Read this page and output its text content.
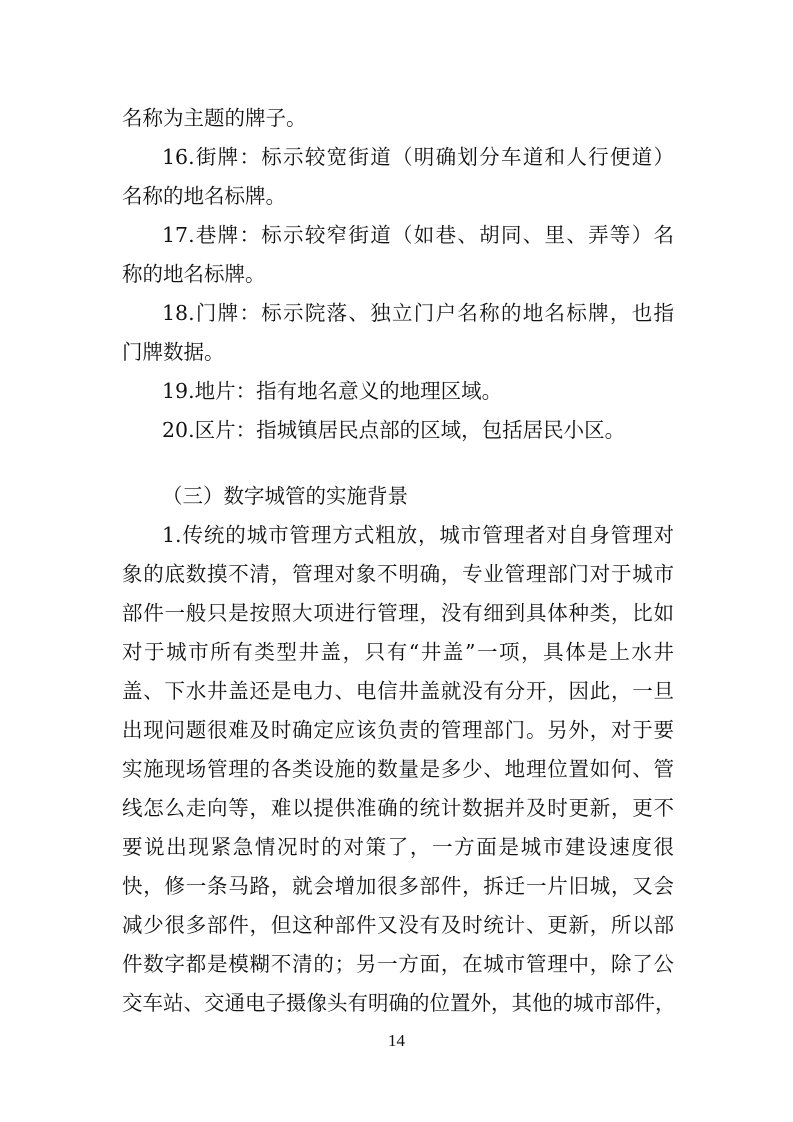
名称为主题的牌子。
16.街牌：标示较宽街道（明确划分车道和人行便道）
名称的地名标牌。
17.巷牌：标示较窄街道（如巷、胡同、里、弄等）名
称的地名标牌。
18.门牌：标示院落、独立门户名称的地名标牌，也指
门牌数据。
19.地片：指有地名意义的地理区域。
20.区片：指城镇居民点部的区域，包括居民小区。
（三）数字城管的实施背景
1.传统的城市管理方式粗放，城市管理者对自身管理对
象的底数摸不清，管理对象不明确，专业管理部门对于城市
部件一般只是按照大项进行管理，没有细到具体种类，比如
对于城市所有类型井盖，只有“井盖”一项，具体是上水井
盖、下水井盖还是电力、电信井盖就没有分开，因此，一旦
出现问题很难及时确定应该负责的管理部门。另外，对于要
实施现场管理的各类设施的数量是多少、地理位置如何、管
线怎么走向等，难以提供准确的统计数据并及时更新，更不
要说出现紧急情况时的对策了，一方面是城市建设速度很
快，修一条马路，就会增加很多部件，拆迁一片旧城，又会
减少很多部件，但这种部件又没有及时统计、更新，所以部
件数字都是模糊不清的；另一方面，在城市管理中，除了公
交车站、交通电子摄像头有明确的位置外，其他的城市部件，
14
